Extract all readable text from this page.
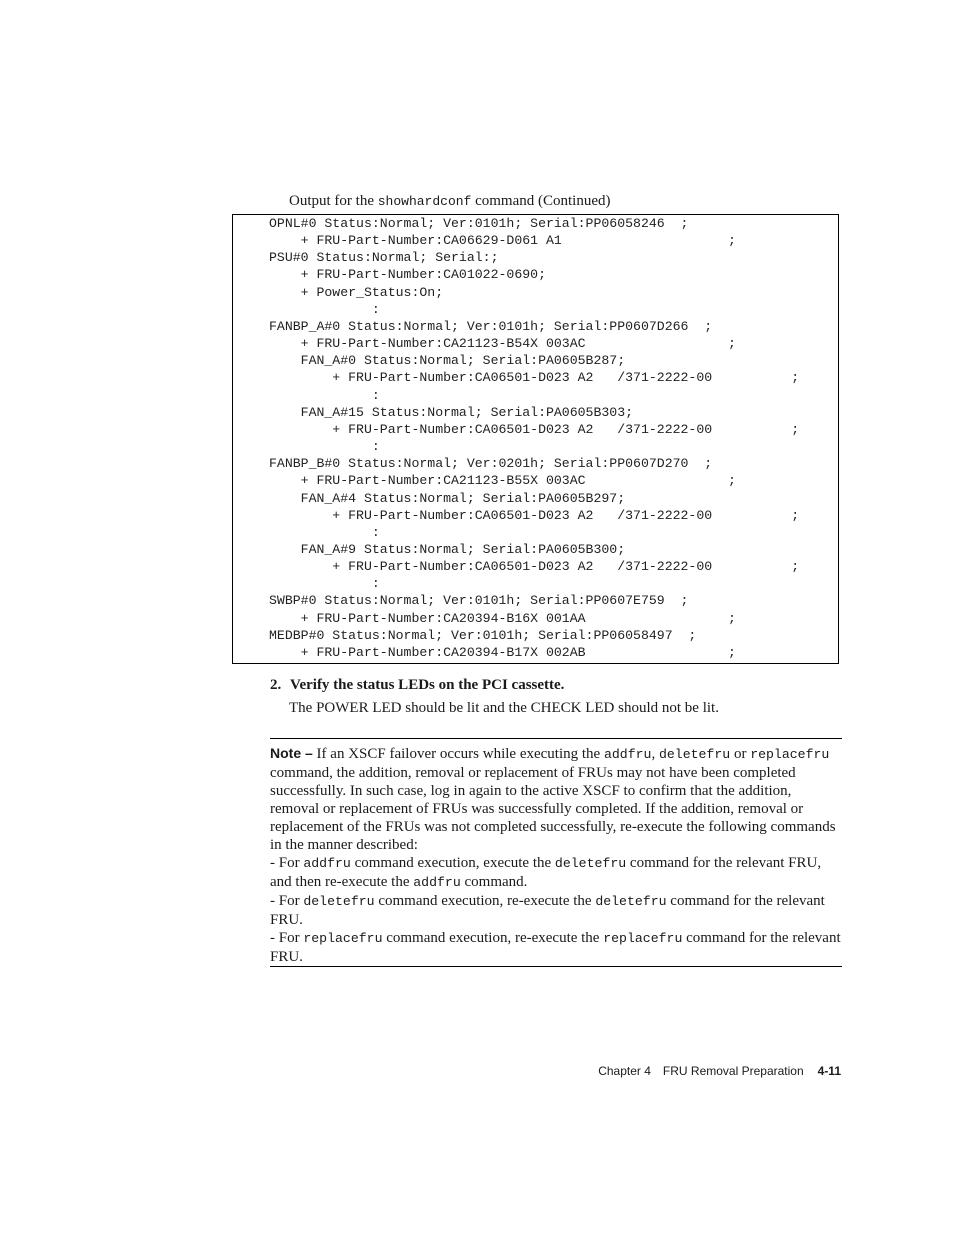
Output for the showhardconf command (Continued)
OPNL#0 Status:Normal; Ver:0101h; Serial:PP06058246  ;
+ FRU-Part-Number:CA06629-D061 A1                     ;
PSU#0 Status:Normal; Serial:;
+ FRU-Part-Number:CA01022-0690;
+ Power_Status:On;
:
FANBP_A#0 Status:Normal; Ver:0101h; Serial:PP0607D266  ;
+ FRU-Part-Number:CA21123-B54X 003AC                  ;
FAN_A#0 Status:Normal; Serial:PA0605B287;
+ FRU-Part-Number:CA06501-D023 A2   /371-2222-00          ;
:
FAN_A#15 Status:Normal; Serial:PA0605B303;
+ FRU-Part-Number:CA06501-D023 A2   /371-2222-00          ;
:
FANBP_B#0 Status:Normal; Ver:0201h; Serial:PP0607D270  ;
+ FRU-Part-Number:CA21123-B55X 003AC                  ;
FAN_A#4 Status:Normal; Serial:PA0605B297;
+ FRU-Part-Number:CA06501-D023 A2   /371-2222-00          ;
:
FAN_A#9 Status:Normal; Serial:PA0605B300;
+ FRU-Part-Number:CA06501-D023 A2   /371-2222-00          ;
:
SWBP#0 Status:Normal; Ver:0101h; Serial:PP0607E759  ;
+ FRU-Part-Number:CA20394-B16X 001AA                  ;
MEDBP#0 Status:Normal; Ver:0101h; Serial:PP06058497  ;
+ FRU-Part-Number:CA20394-B17X 002AB                  ;
2. Verify the status LEDs on the PCI cassette.
The POWER LED should be lit and the CHECK LED should not be lit.

Note – If an XSCF failover occurs while executing the addfru, deletefru or replacefru command, the addition, removal or replacement of FRUs may not have been completed successfully. In such case, log in again to the active XSCF to confirm that the addition, removal or replacement of FRUs was successfully completed. If the addition, removal or replacement of the FRUs was not completed successfully, re-execute the following commands in the manner described:

- For addfru command execution, execute the deletefru command for the relevant FRU, and then re-execute the addfru command.

- For deletefru command execution, re-execute the deletefru command for the relevant FRU.

- For replacefru command execution, re-execute the replacefru command for the relevant FRU.

Chapter 4 FRU Removal Preparation 4-11
